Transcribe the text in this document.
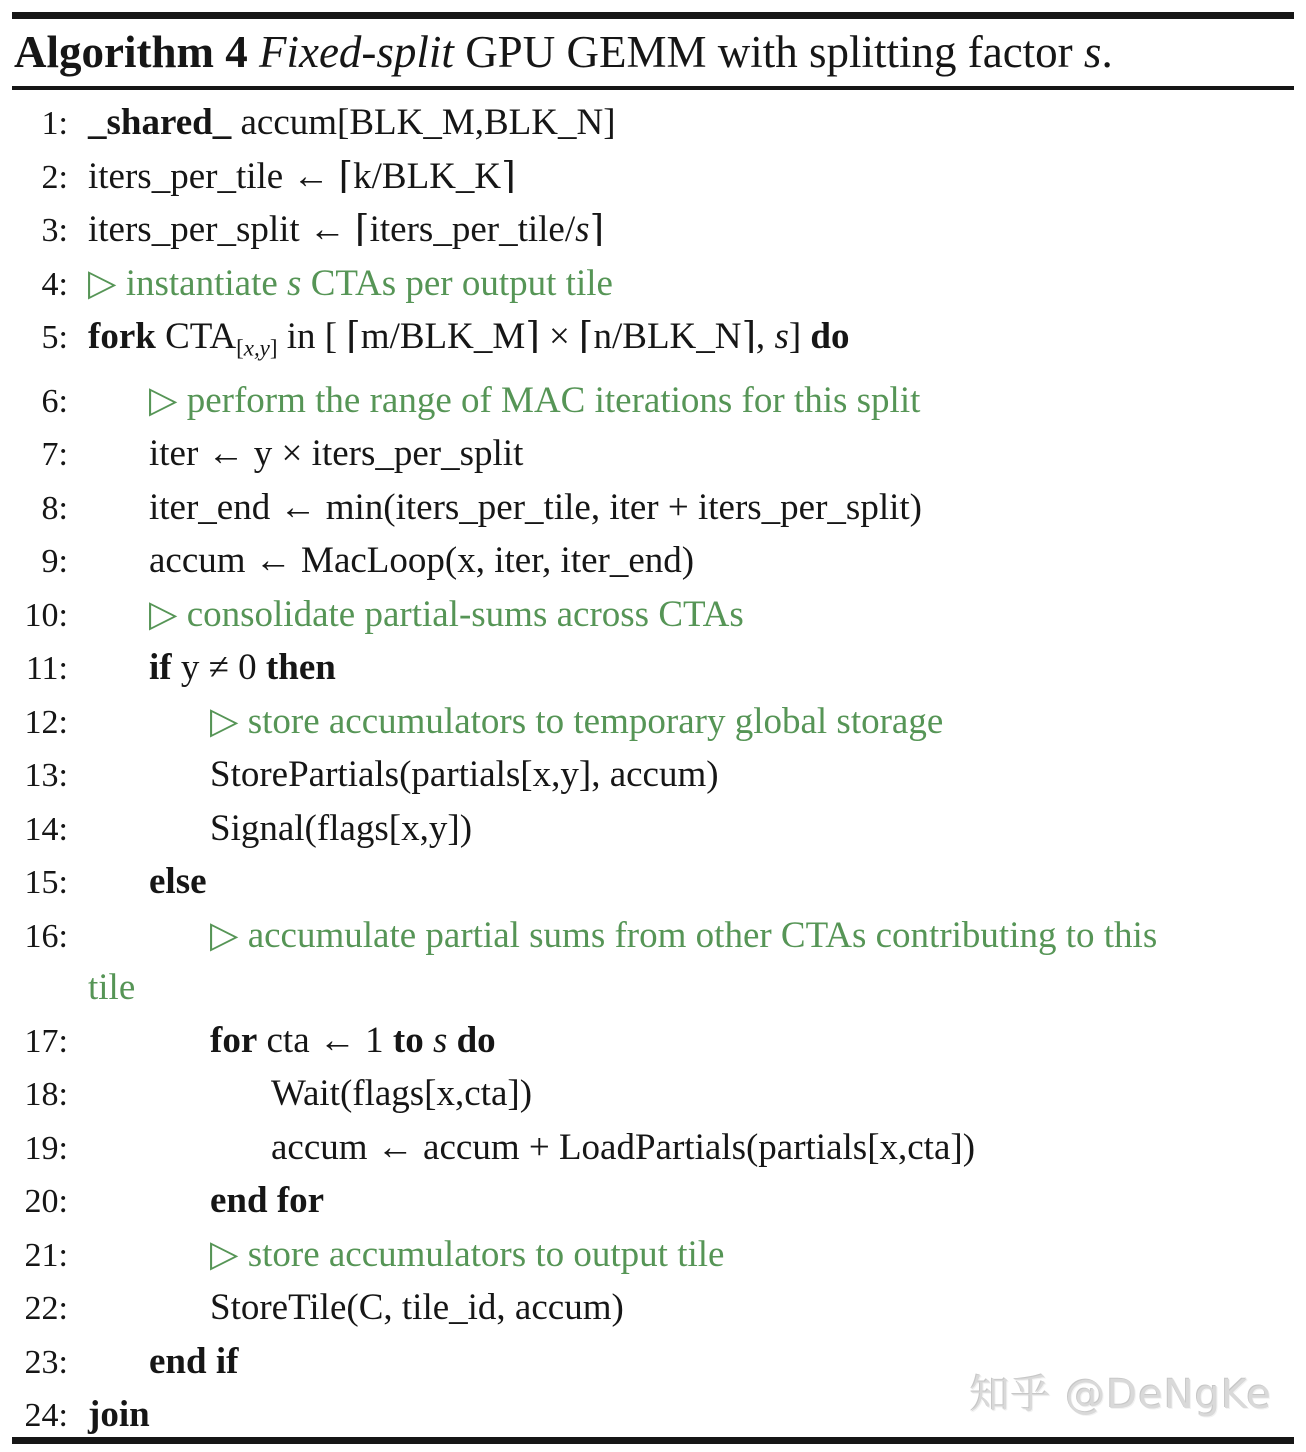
Algorithm 4 Fixed-split GPU GEMM with splitting factor s.
1: _shared_ accum[BLK_M,BLK_N]
2: iters_per_tile ← ⌈k/BLK_K⌉
3: iters_per_split ← ⌈iters_per_tile/s⌉
4: ▷ instantiate s CTAs per output tile
5: fork $CTA_[x,y_]$ in [ ⌈m/BLK_M⌉ × ⌈n/BLK_N⌉, s] do
6:	▷ perform the range of MAC iterations for this split
7:	iter ← y × iters_per_split
8:	iter_end ← min(iters_per_tile, iter + iters_per_split)
9:	accum ← MacLoop(x, iter, iter_end)
10:	▷ consolidate partial-sums across CTAs
11:	if y ≠ 0 then
12:	▷ store accumulators to temporary global storage
13:	StorePartials(partials[x,y], accum)
14:	Signal(flags[x,y])
15:	else
16:	▷ accumulate partial sums from other CTAs contributing to this
tile
17:	for cta ← 1 to s do
18:	Wait(flags[x,cta])
19:	accum ← accum + LoadPartials(partials[x,cta])
20:	end for
21:	▷ store accumulators to output tile
22:	StoreTile(C, tile_id, accum)
23:	end if
24: join	知乎 @DeNgKe
